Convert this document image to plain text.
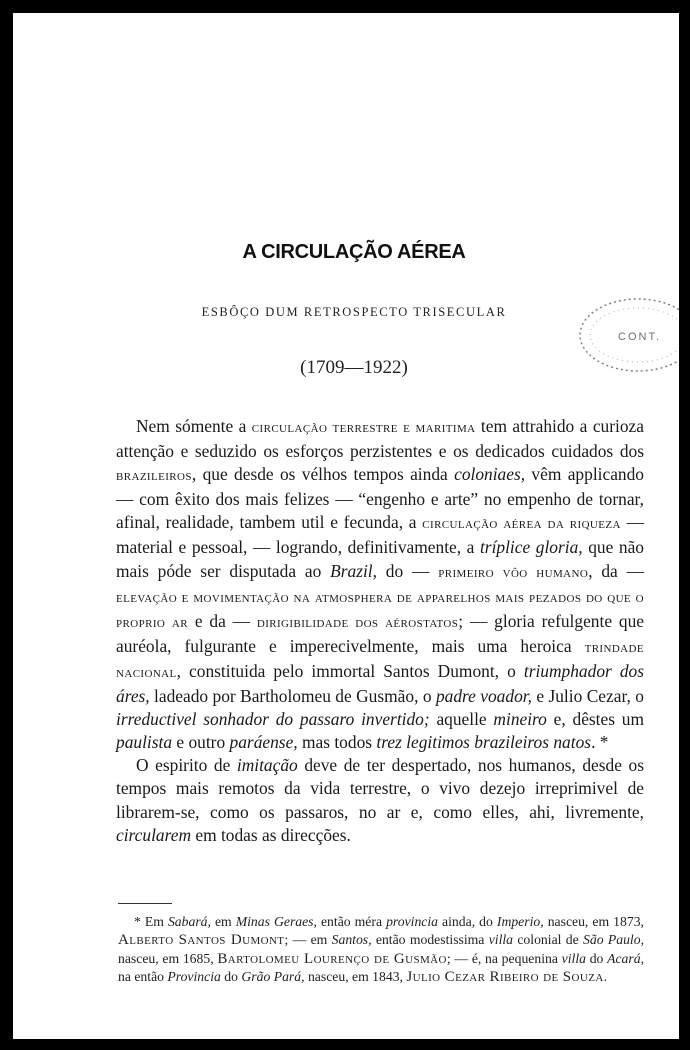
A CIRCULAÇÃO AÉREA
ESBÔÇO DUM RETROSPECTO TRISECULAR
(1709—1922)

Nem sómente a circulação terrestre e maritima tem attrahido a curioza attenção e seduzido os esforços perzistentes e os dedicados cuidados dos brazileiros, que desde os vélhos tempos ainda coloniaes, vêm applicando — com êxito dos mais felizes — “engenho e arte” no empenho de tornar, afinal, realidade, tambem util e fecunda, a circulação aérea da riqueza — material e pessoal, — logrando, definitivamente, a tríplice gloria, que não mais póde ser disputada ao Brazil, do — primeiro vôo humano, da — elevação e movimentação na atmosphera de apparelhos mais pezados do que o proprio ar e da — dirigibilidade dos aérostatos; — gloria refulgente que auréola, fulgurante e imperecivelmente, mais uma heroica trindade nacional, constituida pelo immortal Santos Dumont, o triumphador dos áres, ladeado por Bartholomeu de Gusmão, o padre voador, e Julio Cezar, o irreductivel sonhador do passaro invertido; aquelle mineiro e, dêstes um paulista e outro paráense, mas todos trez legitimos brazileiros natos. *

O espirito de imitação deve de ter despertado, nos humanos, desde os tempos mais remotos da vida terrestre, o vivo dezejo irreprimivel de librarem-se, como os passaros, no ar e, como elles, ahi, livremente, circularem em todas as direcções.

* Em Sabará, em Minas Geraes, então méra provincia ainda, do Imperio, nasceu, em 1873, Alberto Santos Dumont; — em Santos, então modestissima villa colonial de São Paulo, nasceu, em 1685, Bartolomeu Lourenço de Gusmão; — é, na pequenina villa do Acará, na então Provincia do Grão Pará, nasceu, em 1843, Julio Cezar Ribeiro de Souza.

CONT.
